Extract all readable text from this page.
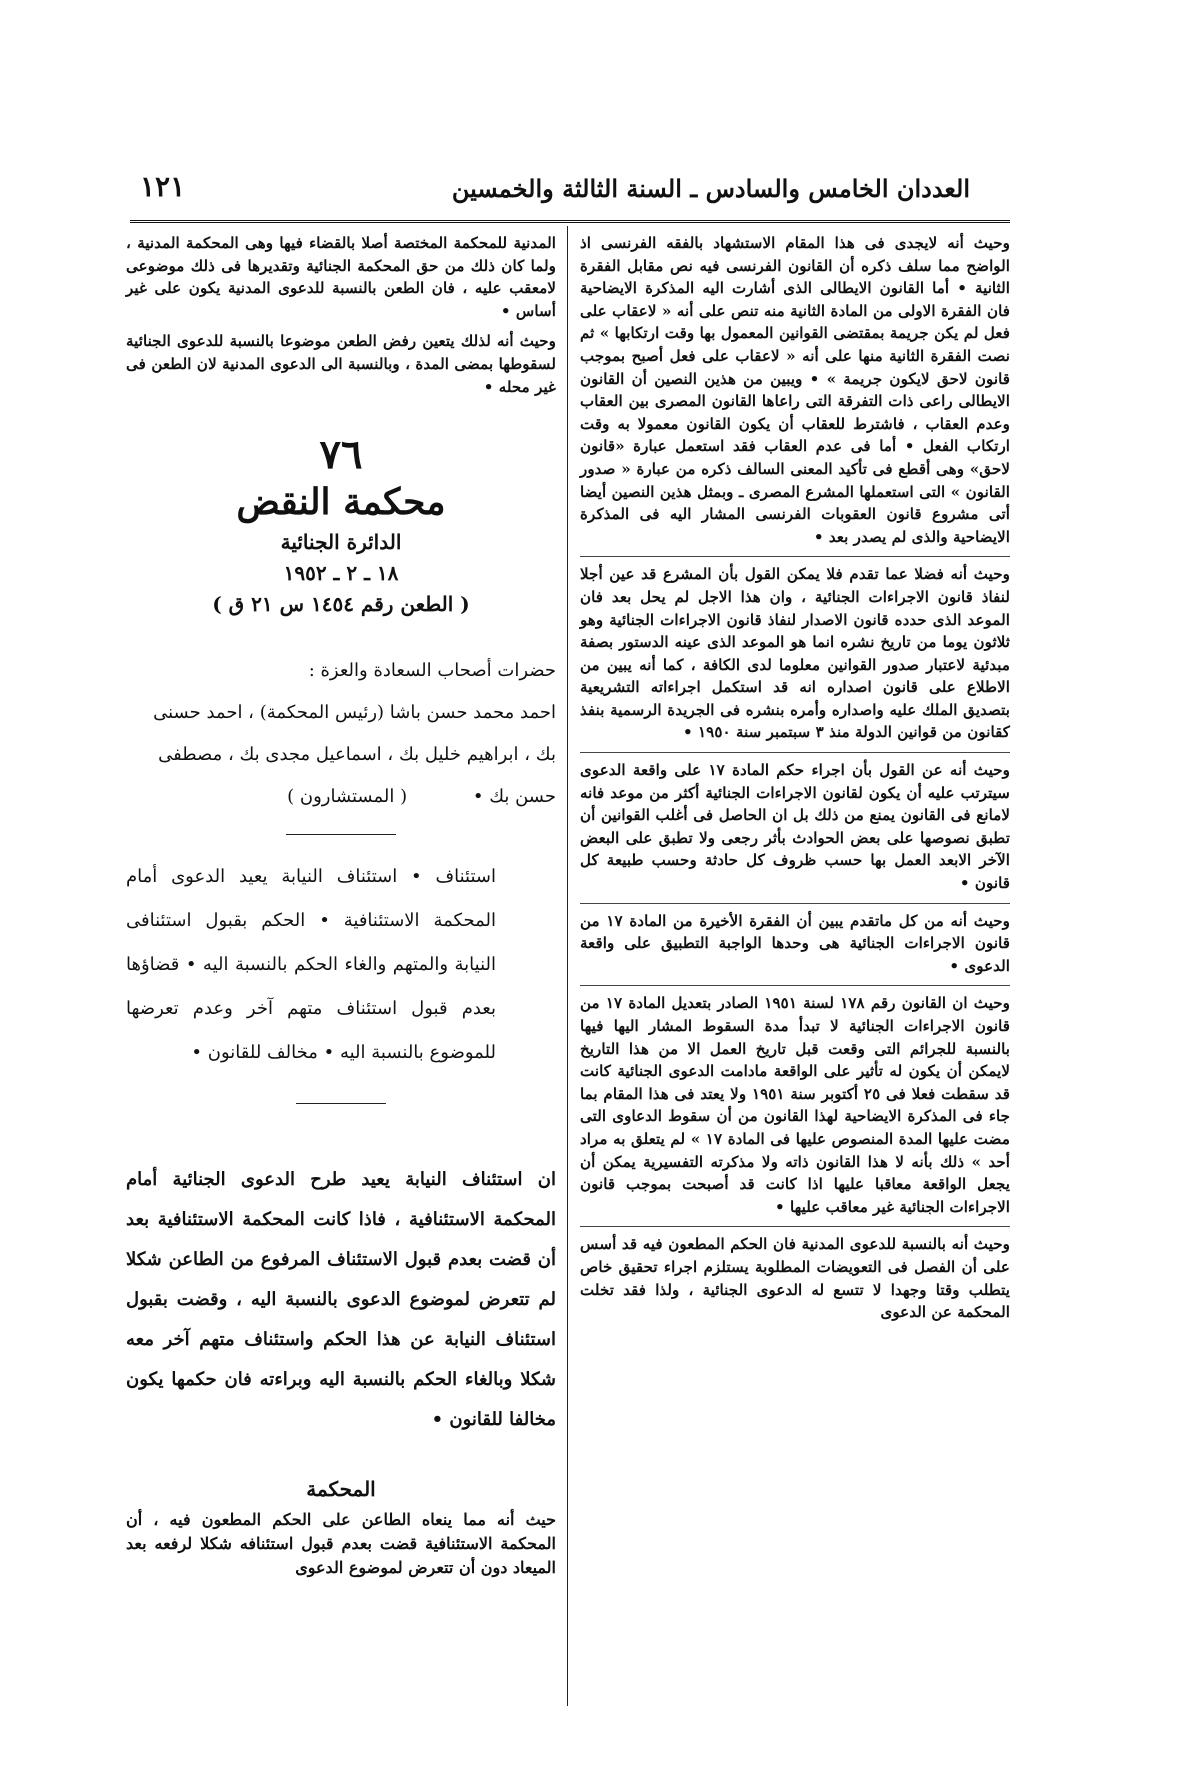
العددان الخامس والسادس ـ السنة الثالثة والخمسين
١٢١

وحيث أنه لايجدى فى هذا المقام الاستشهاد بالفقه الفرنسى اذ الواضح مما سلف ذكره أن القانون الفرنسى فيه نص مقابل الفقرة الثانية • أما القانون الايطالى الذى أشارت اليه المذكرة الايضاحية فان الفقرة الاولى من المادة الثانية منه تنص على أنه « لاعقاب على فعل لم يكن جريمة بمقتضى القوانين المعمول بها وقت ارتكابها » ثم نصت الفقرة الثانية منها على أنه « لاعقاب على فعل أصبح بموجب قانون لاحق لايكون جريمة » • ويبين من هذين النصين أن القانون الايطالى راعى ذات التفرقة التى راعاها القانون المصرى بين العقاب وعدم العقاب ، فاشترط للعقاب أن يكون القانون معمولا به وقت ارتكاب الفعل • أما فى عدم العقاب فقد استعمل عبارة «قانون لاحق» وهى أقطع فى تأكيد المعنى السالف ذكره من عبارة « صدور القانون » التى استعملها المشرع المصرى ـ وبمثل هذين النصين أيضا أتى مشروع قانون العقوبات الفرنسى المشار اليه فى المذكرة الايضاحية والذى لم يصدر بعد •

وحيث أنه فضلا عما تقدم فلا يمكن القول بأن المشرع قد عين أجلا لنفاذ قانون الاجراءات الجنائية ، وان هذا الاجل لم يحل بعد فان الموعد الذى حدده قانون الاصدار لنفاذ قانون الاجراءات الجنائية وهو ثلاثون يوما من تاريخ نشره انما هو الموعد الذى عينه الدستور بصفة مبدئية لاعتبار صدور القوانين معلوما لدى الكافة ، كما أنه يبين من الاطلاع على قانون اصداره انه قد استكمل اجراءاته التشريعية بتصديق الملك عليه واصداره وأمره بنشره فى الجريدة الرسمية بنفذ كقانون من قوانين الدولة منذ ٣ سبتمبر سنة ١٩٥٠ •

وحيث أنه عن القول بأن اجراء حكم المادة ١٧ على واقعة الدعوى سيترتب عليه أن يكون لقانون الاجراءات الجنائية أكثر من موعد فانه لامانع فى القانون يمنع من ذلك بل ان الحاصل فى أغلب القوانين أن تطبق نصوصها على بعض الحوادث بأثر رجعى ولا تطبق على البعض الآخر الابعد العمل بها حسب ظروف كل حادثة وحسب طبيعة كل قانون •

وحيث أنه من كل ماتقدم يبين أن الفقرة الأخيرة من المادة ١٧ من قانون الاجراءات الجنائية هى وحدها الواجبة التطبيق على واقعة الدعوى •

وحيث ان القانون رقم ١٧٨ لسنة ١٩٥١ الصادر بتعديل المادة ١٧ من قانون الاجراءات الجنائية لا تبدأ مدة السقوط المشار اليها فيها بالنسبة للجرائم التى وقعت قبل تاريخ العمل الا من هذا التاريخ لايمكن أن يكون له تأثير على الواقعة مادامت الدعوى الجنائية كانت قد سقطت فعلا فى ٢٥ أكتوبر سنة ١٩٥١ ولا يعتد فى هذا المقام بما جاء فى المذكرة الايضاحية لهذا القانون من أن سقوط الدعاوى التى مضت عليها المدة المنصوص عليها فى المادة ١٧ » لم يتعلق به مراد أحد » ذلك بأنه لا هذا القانون ذاته ولا مذكرته التفسيرية يمكن أن يجعل الواقعة معاقبا عليها اذا كانت قد أصبحت بموجب قانون الاجراءات الجنائية غير معاقب عليها •

وحيث أنه بالنسبة للدعوى المدنية فان الحكم المطعون فيه قد أسس على أن الفصل فى التعويضات المطلوبة يستلزم اجراء تحقيق خاص يتطلب وقتا وجهدا لا تتسع له الدعوى الجنائية ، ولذا فقد تخلت المحكمة عن الدعوى

المدنية للمحكمة المختصة أصلا بالقضاء فيها وهى المحكمة المدنية ، ولما كان ذلك من حق المحكمة الجنائية وتقديرها فى ذلك موضوعى لامعقب عليه ، فان الطعن بالنسبة للدعوى المدنية يكون على غير أساس •

وحيث أنه لذلك يتعين رفض الطعن موضوعا بالنسبة للدعوى الجنائية لسقوطها بمضى المدة ، وبالنسبة الى الدعوى المدنية لان الطعن فى غير محله •

٧٦
محكمة النقض
الدائرة الجنائية
١٨ ـ ٢ ـ ١٩٥٢
( الطعن رقم ١٤٥٤ س ٢١ ق )
حضرات أصحاب السعادة والعزة :
احمد محمد حسن باشا (رئيس المحكمة) ، احمد حسنى
بك ، ابراهيم خليل بك ، اسماعيل مجدى بك ، مصطفى
حسن بك • ( المستشارون )
استئناف • استئناف النيابة يعيد الدعوى أمام المحكمة الاستئنافية • الحكم بقبول استئنافى النيابة والمتهم والغاء الحكم بالنسبة اليه • قضاؤها بعدم قبول استئناف متهم آخر وعدم تعرضها للموضوع بالنسبة اليه • مخالف للقانون •
ان استئناف النيابة يعيد طرح الدعوى الجنائية أمام المحكمة الاستئنافية ، فاذا كانت المحكمة الاستئنافية بعد أن قضت بعدم قبول الاستئناف المرفوع من الطاعن شكلا لم تتعرض لموضوع الدعوى بالنسبة اليه ، وقضت بقبول استئناف النيابة عن هذا الحكم واستئناف متهم آخر معه شكلا وبالغاء الحكم بالنسبة اليه وبراءته فان حكمها يكون مخالفا للقانون •
المحكمة
حيث أنه مما ينعاه الطاعن على الحكم المطعون فيه ، أن المحكمة الاستئنافية قضت بعدم قبول استئنافه شكلا لرفعه بعد الميعاد دون أن تتعرض لموضوع الدعوى
